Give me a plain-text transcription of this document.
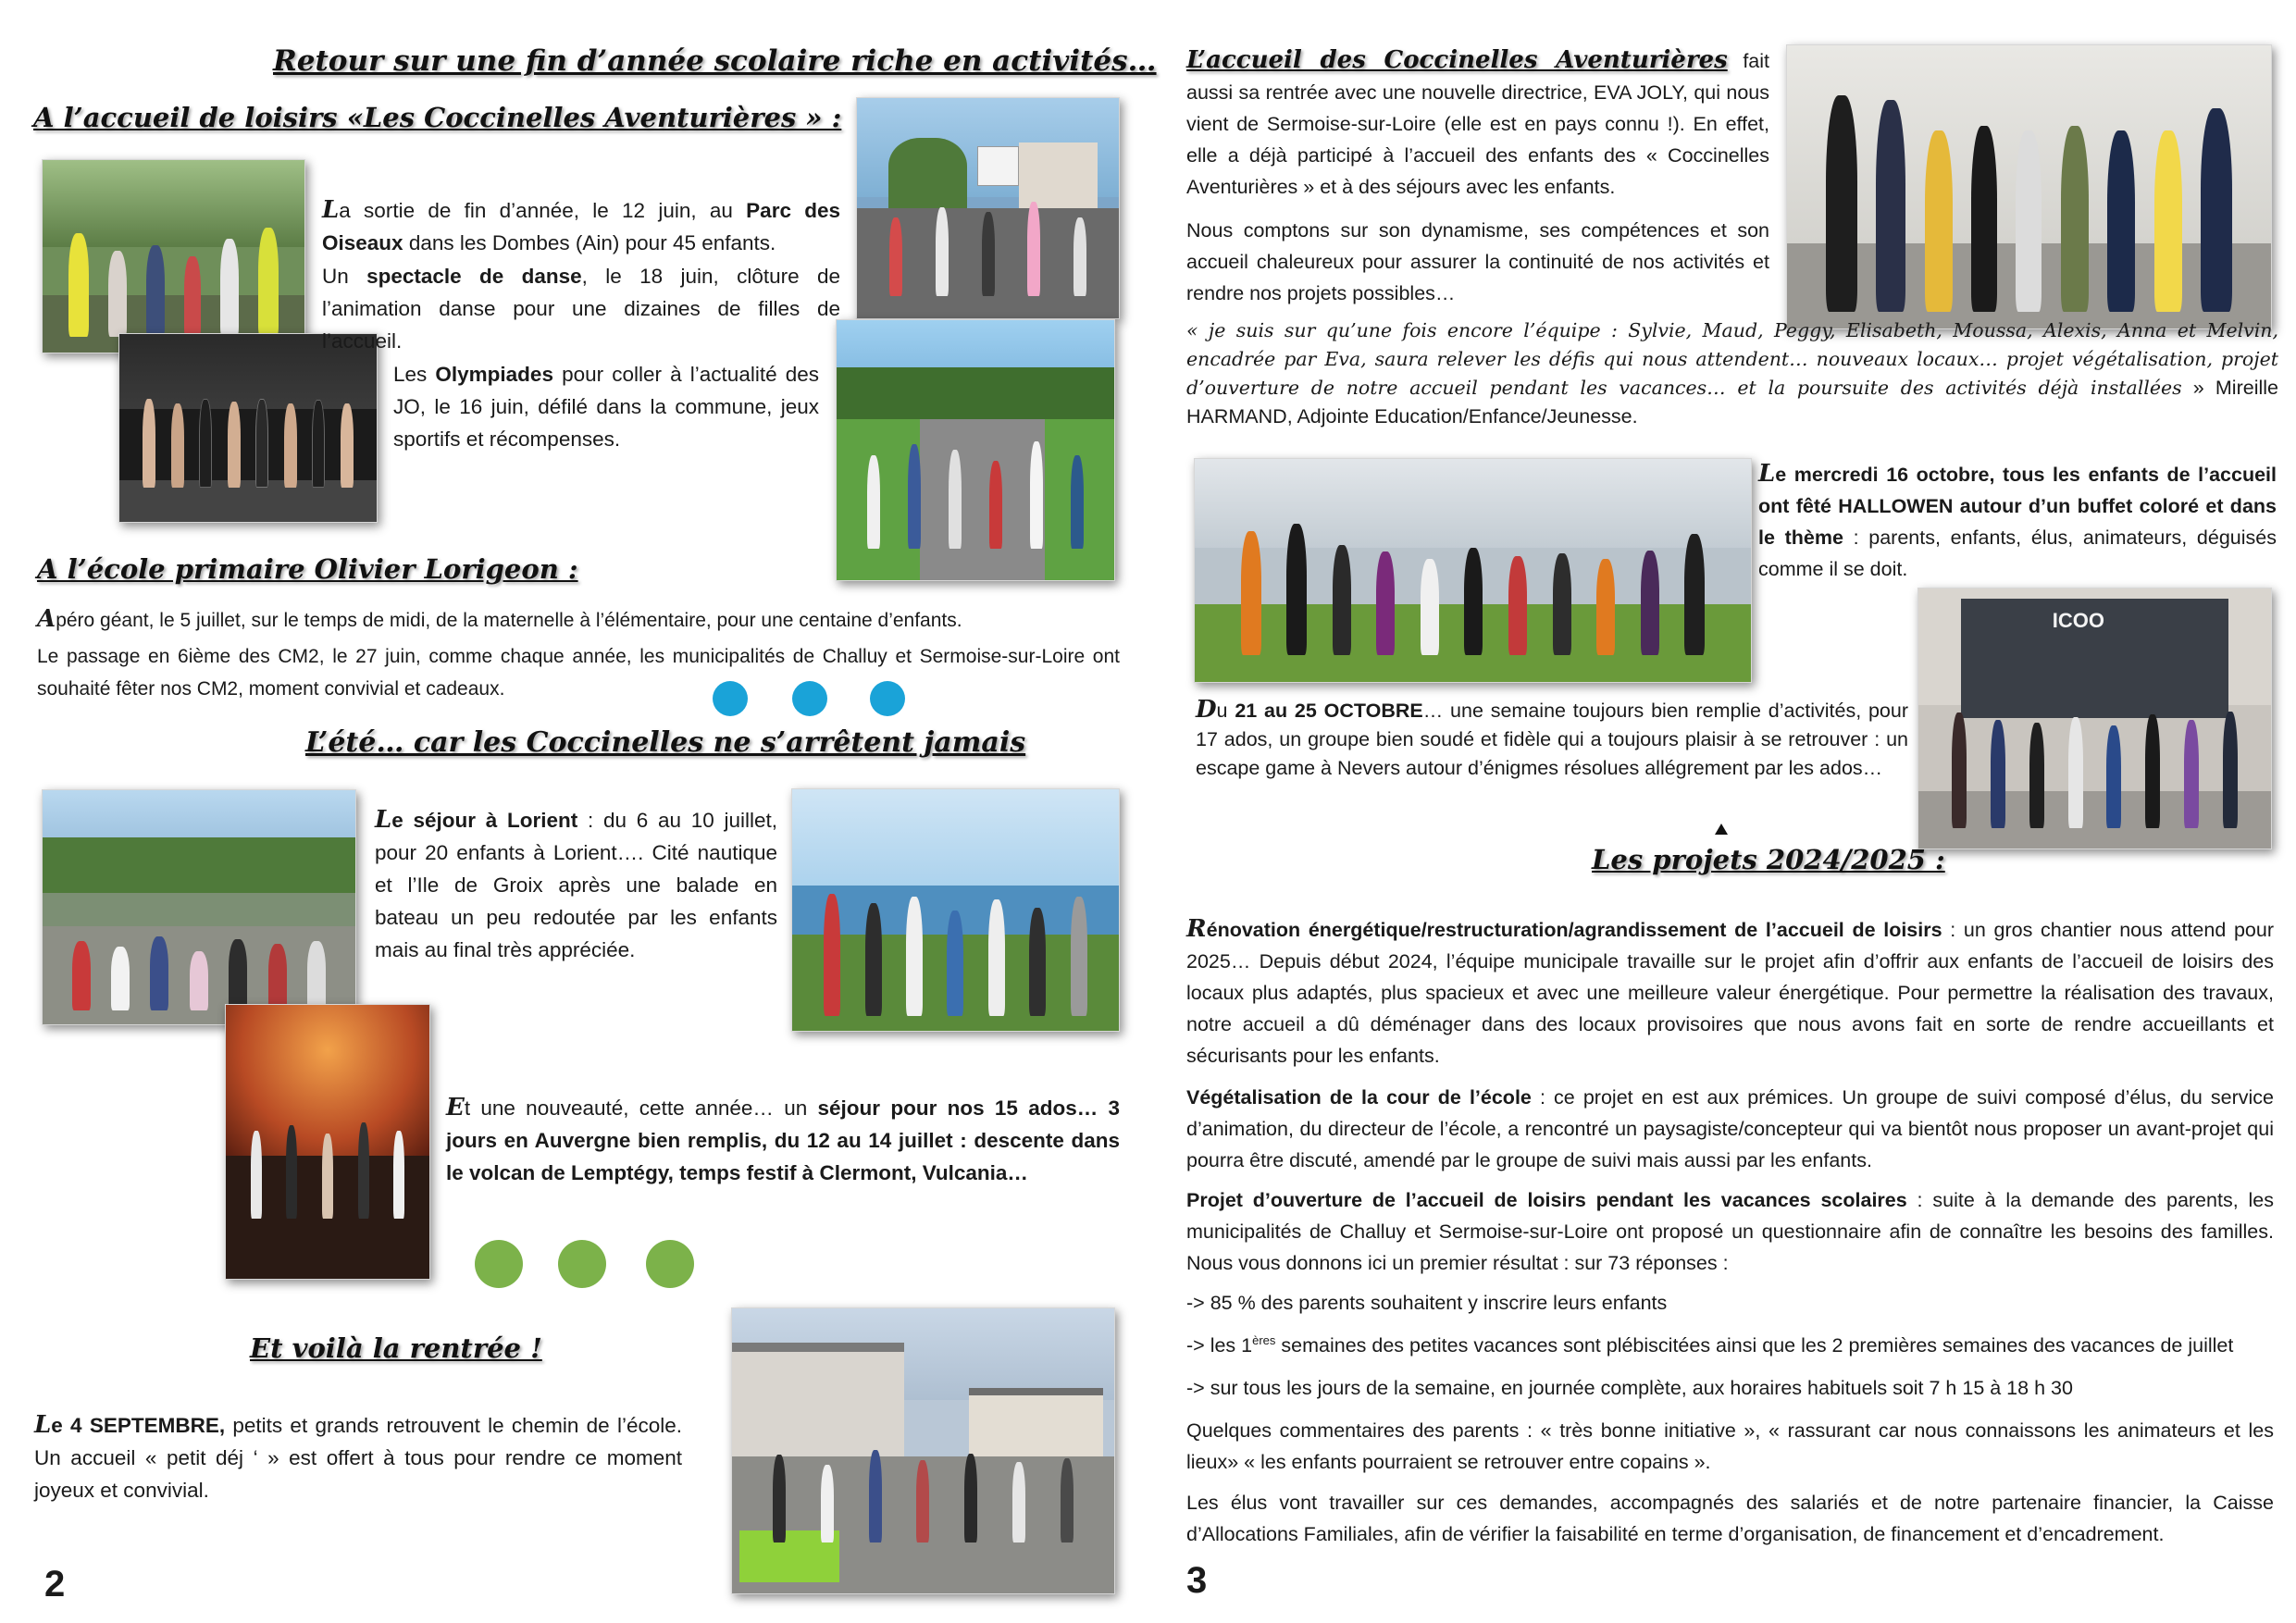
Retour sur une fin d’année scolaire riche en activités…
A l’accueil de loisirs «Les Coccinelles Aventurières » :
La sortie de fin d’année, le 12 juin, au Parc des Oiseaux dans les Dombes (Ain) pour 45 enfants.
Un spectacle de danse, le 18 juin, clôture de l’animation danse pour une dizaines de filles de l’accueil.
Les Olympiades pour coller à l’actualité des JO, le 16 juin, défilé dans la commune, jeux sportifs et récompenses.
A l’école primaire Olivier Lorigeon :
Apéro géant, le 5 juillet, sur le temps de midi, de la maternelle à l’élémentaire, pour une centaine d’enfants.
Le passage en 6ième des CM2, le 27 juin, comme chaque année, les municipalités de Challuy et Sermoise-sur-Loire ont souhaité fêter nos CM2, moment convivial et cadeaux.
L’été… car les Coccinelles ne s’arrêtent jamais
Le séjour à Lorient : du 6 au 10 juillet, pour 20 enfants à Lorient…. Cité nautique et l’Ile de Groix après une balade en bateau un peu redoutée par les enfants mais au final très appréciée.
Et une nouveauté, cette année… un séjour pour nos 15 ados… 3 jours en Auvergne bien remplis, du 12 au 14 juillet : descente dans le volcan de Lemptégy, temps festif à Clermont, Vulcania…
Et voilà la rentrée !
Le 4 SEPTEMBRE, petits et grands retrouvent le chemin de l’école. Un accueil « petit déj ‘ » est offert à tous pour rendre ce moment joyeux et convivial.
2
L’accueil des Coccinelles Aventurières fait aussi sa rentrée avec une nouvelle directrice, EVA JOLY, qui nous vient de Sermoise-sur-Loire (elle est en pays connu !). En effet, elle a déjà participé à l’accueil des enfants des « Coccinelles Aventurières » et à des séjours avec les enfants.
Nous comptons sur son dynamisme, ses compétences et son accueil chaleureux pour assurer la continuité de nos activités et rendre nos projets possibles…
« je suis sur qu’une fois encore l’équipe : Sylvie, Maud, Peggy, Elisabeth, Moussa, Alexis, Anna et Melvin, encadrée par Eva, saura relever les défis qui nous attendent… nouveaux locaux… projet végétalisation, projet d’ouverture de notre accueil pendant les vacances… et la poursuite des activités déjà installées » Mireille HARMAND, Adjointe Education/Enfance/Jeunesse.
Le mercredi 16 octobre, tous les enfants de l’accueil ont fêté HALLOWEN autour d’un buffet coloré et dans le thème : parents, enfants, élus, animateurs, déguisés comme il se doit.
ICOO
Du 21 au 25 OCTOBRE… une semaine toujours bien remplie d’activités, pour 17 ados, un groupe bien soudé et fidèle qui a toujours plaisir à se retrouver : un escape game à Nevers autour d’énigmes résolues allégrement par les ados…
Les projets 2024/2025 :
Rénovation énergétique/restructuration/agrandissement de l’accueil de loisirs : un gros chantier nous attend pour 2025… Depuis début 2024, l’équipe municipale travaille sur le projet afin d’offrir aux enfants de l’accueil de loisirs des locaux plus adaptés, plus spacieux et avec une meilleure valeur énergétique. Pour permettre la réalisation des travaux, notre accueil a dû déménager dans des locaux provisoires que nous avons fait en sorte de rendre accueillants et sécurisants pour les enfants.
Végétalisation de la cour de l’école : ce projet en est aux prémices. Un groupe de suivi composé d’élus, du service d’animation, du directeur de l’école, a rencontré un paysagiste/concepteur qui va bientôt nous proposer un avant-projet qui pourra être discuté, amendé par le groupe de suivi mais aussi par les enfants.
Projet d’ouverture de l’accueil de loisirs pendant les vacances scolaires : suite à la demande des parents, les municipalités de Challuy et Sermoise-sur-Loire ont proposé un questionnaire afin de connaître les besoins des familles. Nous vous donnons ici un premier résultat : sur 73 réponses :
-> 85 % des parents souhaitent y inscrire leurs enfants
-> les 1ères semaines des petites vacances sont plébiscitées ainsi que les 2 premières semaines des vacances de juillet
-> sur tous les jours de la semaine, en journée complète, aux horaires habituels soit 7 h 15 à 18 h 30
Quelques commentaires des parents : « très bonne initiative », « rassurant car nous connaissons les animateurs et les lieux» « les enfants pourraient se retrouver entre copains ».
Les élus vont travailler sur ces demandes, accompagnés des salariés et de notre partenaire financier, la Caisse d’Allocations Familiales, afin de vérifier la faisabilité en terme d’organisation, de financement et d’encadrement.
3
